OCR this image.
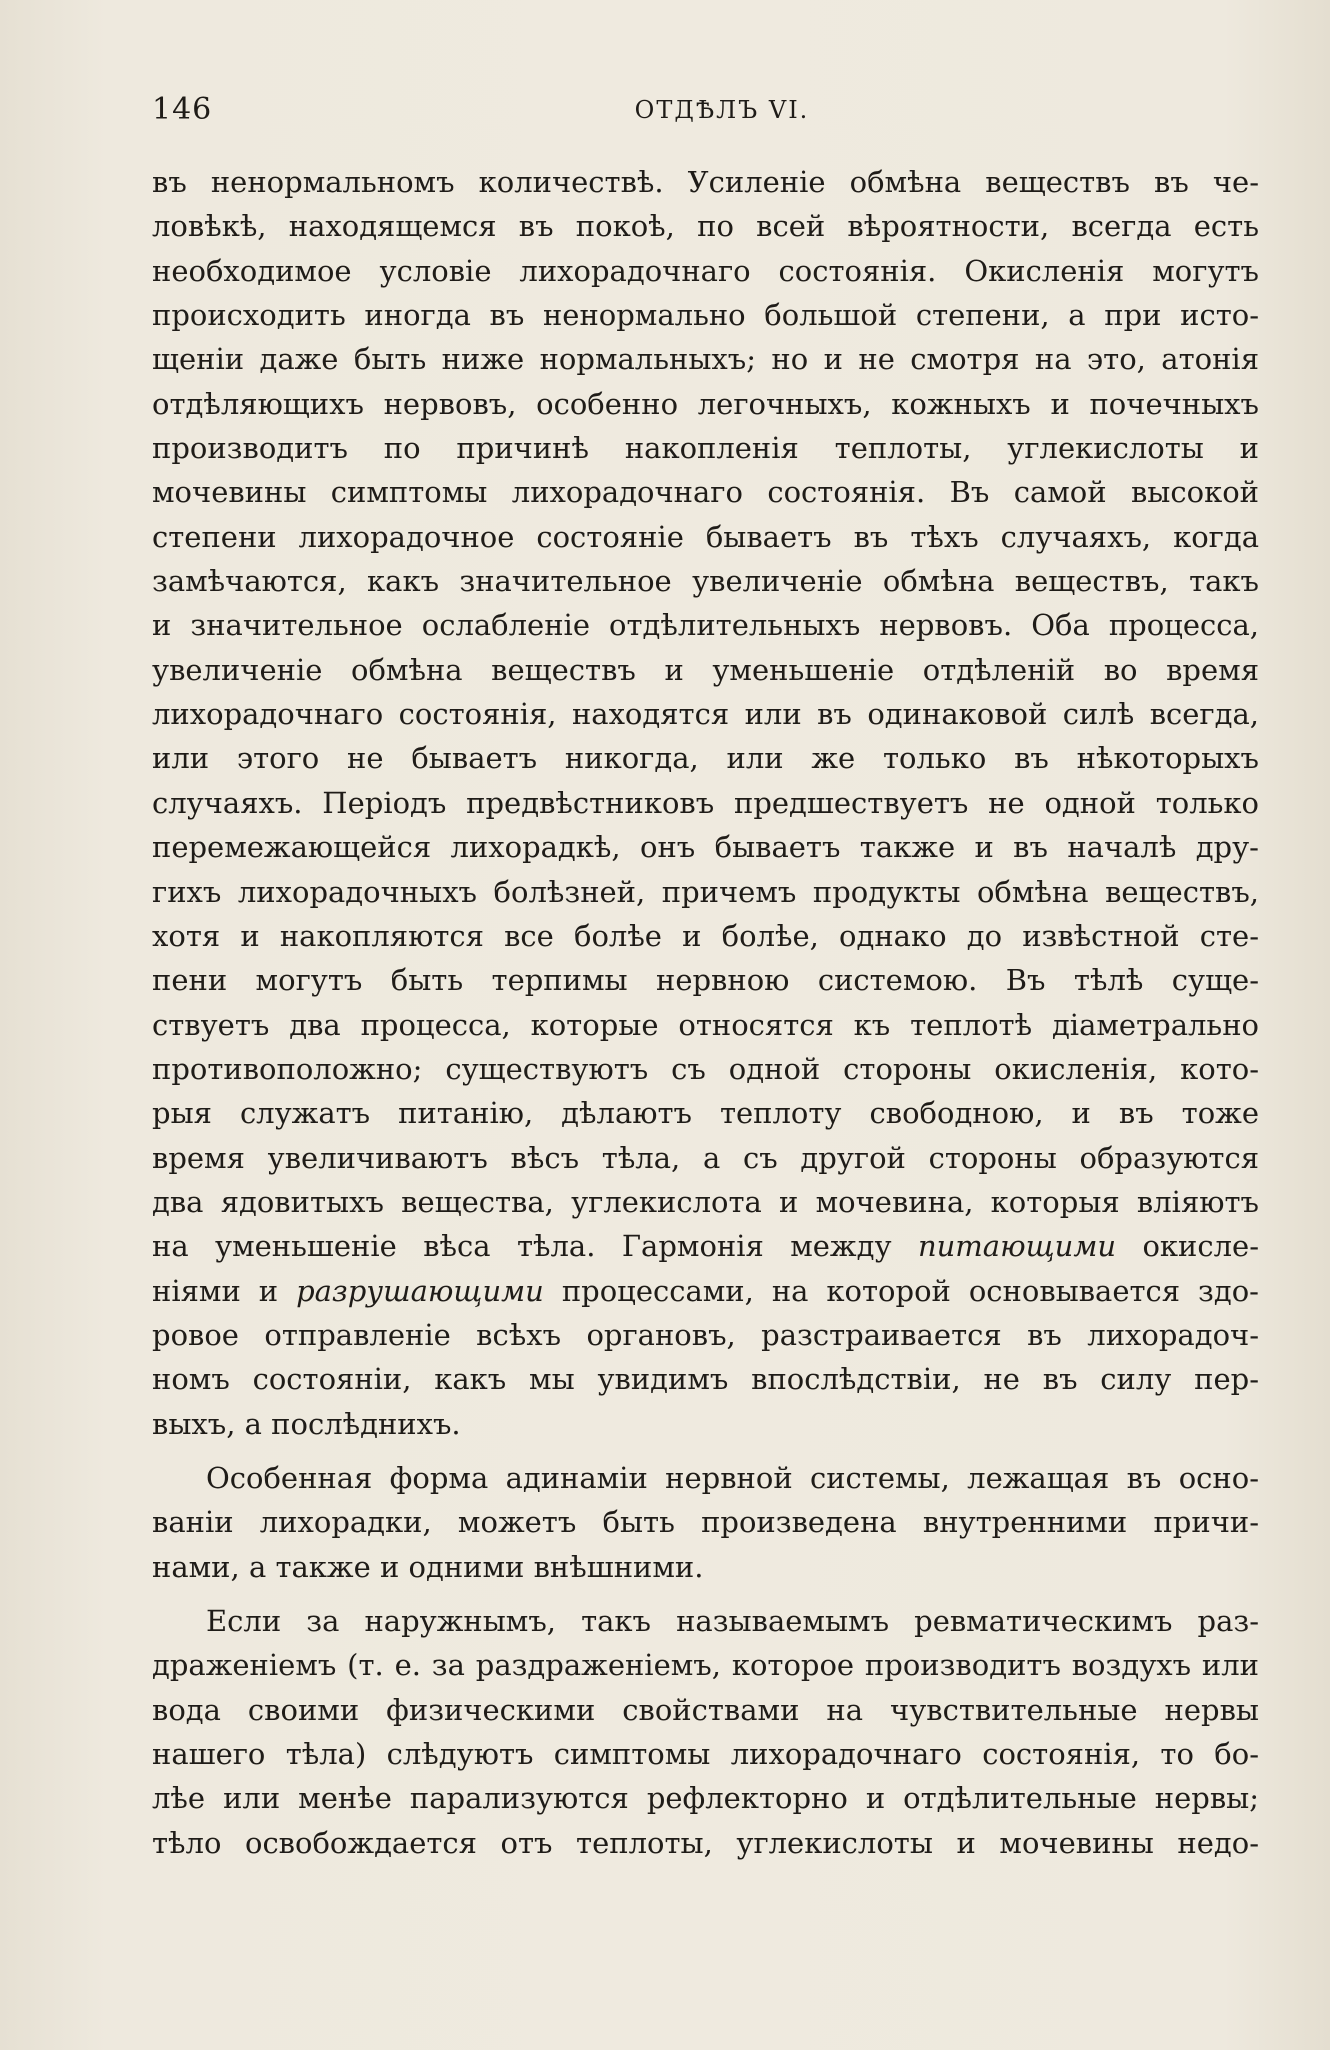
146	ОТДѢЛЪ VI.
въ ненормальномъ количествѣ. Усиленіе обмѣна веществъ въ че-
ловѣкѣ, находящемся въ покоѣ, по всей вѣроятности, всегда есть
необходимое условіе лихорадочнаго состоянія. Окисленія могутъ
происходить иногда въ ненормально большой степени, а при исто-
щеніи даже быть ниже нормальныхъ; но и не смотря на это, атонія
отдѣляющихъ нервовъ, особенно легочныхъ, кожныхъ и почечныхъ
производитъ по причинѣ накопленія теплоты, углекислоты и
мочевины симптомы лихорадочнаго состоянія. Въ самой высокой
степени лихорадочное состояніе бываетъ въ тѣхъ случаяхъ, когда
замѣчаются, какъ значительное увеличеніе обмѣна веществъ, такъ
и значительное ослабленіе отдѣлительныхъ нервовъ. Оба процесса,
увеличеніе обмѣна веществъ и уменьшеніе отдѣленій во время
лихорадочнаго состоянія, находятся или въ одинаковой силѣ всегда,
или этого не бываетъ никогда, или же только въ нѣкоторыхъ
случаяхъ. Періодъ предвѣстниковъ предшествуетъ не одной только
перемежающейся лихорадкѣ, онъ бываетъ также и въ началѣ дру-
гихъ лихорадочныхъ болѣзней, причемъ продукты обмѣна веществъ,
хотя и накопляются все болѣе и болѣе, однако до извѣстной сте-
пени могутъ быть терпимы нервною системою. Въ тѣлѣ суще-
ствуетъ два процесса, которые относятся къ теплотѣ діаметрально
противоположно; существуютъ съ одной стороны окисленія, кото-
рыя служатъ питанію, дѣлаютъ теплоту свободною, и въ тоже
время увеличиваютъ вѣсъ тѣла, а съ другой стороны образуются
два ядовитыхъ вещества, углекислота и мочевина, которыя вліяютъ
на уменьшеніе вѣса тѣла. Гармонія между питающими окисле-
ніями и разрушающими процессами, на которой основывается здо-
ровое отправленіе всѣхъ органовъ, разстраивается въ лихорадоч-
номъ состояніи, какъ мы увидимъ впослѣдствіи, не въ силу пер-
выхъ, а послѣднихъ.
Особенная форма адинаміи нервной системы, лежащая въ осно-
ваніи лихорадки, можетъ быть произведена внутренними причи-
нами, а также и одними внѣшними.
Если за наружнымъ, такъ называемымъ ревматическимъ раз-
драженіемъ (т. е. за раздраженіемъ, которое производитъ воздухъ или
вода своими физическими свойствами на чувствительные нервы
нашего тѣла) слѣдуютъ симптомы лихорадочнаго состоянія, то бо-
лѣе или менѣе парализуются рефлекторно и отдѣлительные нервы;
тѣло освобождается отъ теплоты, углекислоты и мочевины недо-
